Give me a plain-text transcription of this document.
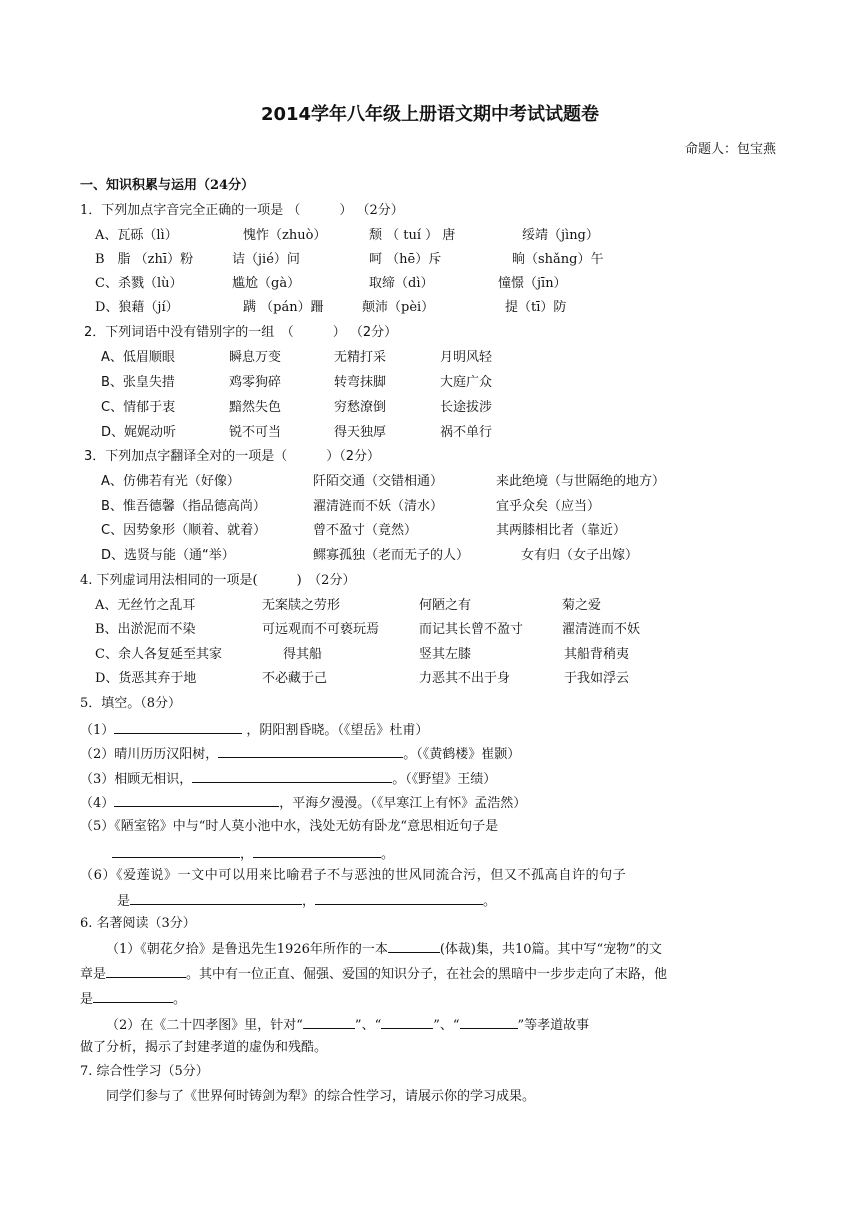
2014学年八年级上册语文期中考试试题卷
命题人：包宝燕
一、知识积累与运用（24分）
1．下列加点字音完全正确的一项是 （　　　） （2分）
A、瓦砾（lì）	愧怍（zhuò）	颓 （ tuí ） 唐	绥靖（jìng）
B　脂 （zhī）粉	诘（jié）问	呵 （hē）斥	晌（shǎng）午
C、杀戮（lù）	尴尬（gà）	取缔（dì）	憧憬（jīn）
D、狼藉（jí）	蹒 （pán）跚	颠沛（pèi）	提（tī）防
2．下列词语中没有错别字的一组　（　　　） （2分）
A、低眉顺眼	瞬息万变	无精打采	月明风轻
B、张皇失措	鸡零狗碎	转弯抹脚	大庭广众
C、情郁于衷	黯然失色	穷愁潦倒	长途拔涉
D、娓娓动听	锐不可当	得天独厚	祸不单行
3．下列加点字翻译全对的一项是（　　　）（2分）
A、仿佛若有光（好像）	阡陌交通（交错相通）	来此绝境（与世隔绝的地方）
B、惟吾德馨（指品德高尚）	濯清涟而不妖（清水）	宜乎众矣（应当）
C、因势象形（顺着、就着）	曾不盈寸（竟然）	其两膝相比者（靠近）
D、选贤与能（通“举）	鳏寡孤独（老而无子的人）	女有归（女子出嫁）
4. 下列虚词用法相同的一项是(　　　)　（2分）
A、无丝竹之乱耳	无案牍之劳形	何陋之有	菊之爱
B、出淤泥而不染	可远观而不可亵玩焉	而记其长曾不盈寸	濯清涟而不妖
C、余人各复延至其家	得其船	竖其左膝	其船背稍夷
D、货恶其弃于地	不必藏于己	力恶其不出于身	于我如浮云
5．填空。（8分）
（1）	，阴阳割昏晓。（《望岳》杜甫）
（2）晴川历历汉阳树，	。（《黄鹤楼》崔颢）
（3）相顾无相识，	。（《野望》王绩）
（4）	，平海夕漫漫。（《早寒江上有怀》孟浩然）
（5）《陋室铭》中与“时人莫小池中水，浅处无妨有卧龙“意思相近句子是
，	。
（6）《爱莲说》一文中可以用来比喻君子不与恶浊的世风同流合污，但又不孤高自许的句子
是	，	。
6. 名著阅读（3分）
（1）《朝花夕拾》是鲁迅先生1926年所作的一本	(体裁)集，共10篇。其中写“宠物”的文
章是	。其中有一位正直、倔强、爱国的知识分子，在社会的黑暗中一步步走向了末路，他
是	。
（2）在《二十四孝图》里，针对“	”、“	”、“	”等孝道故事
做了分析，揭示了封建孝道的虚伪和残酷。
7. 综合性学习（5分）
同学们参与了《世界何时铸剑为犁》的综合性学习，请展示你的学习成果。
